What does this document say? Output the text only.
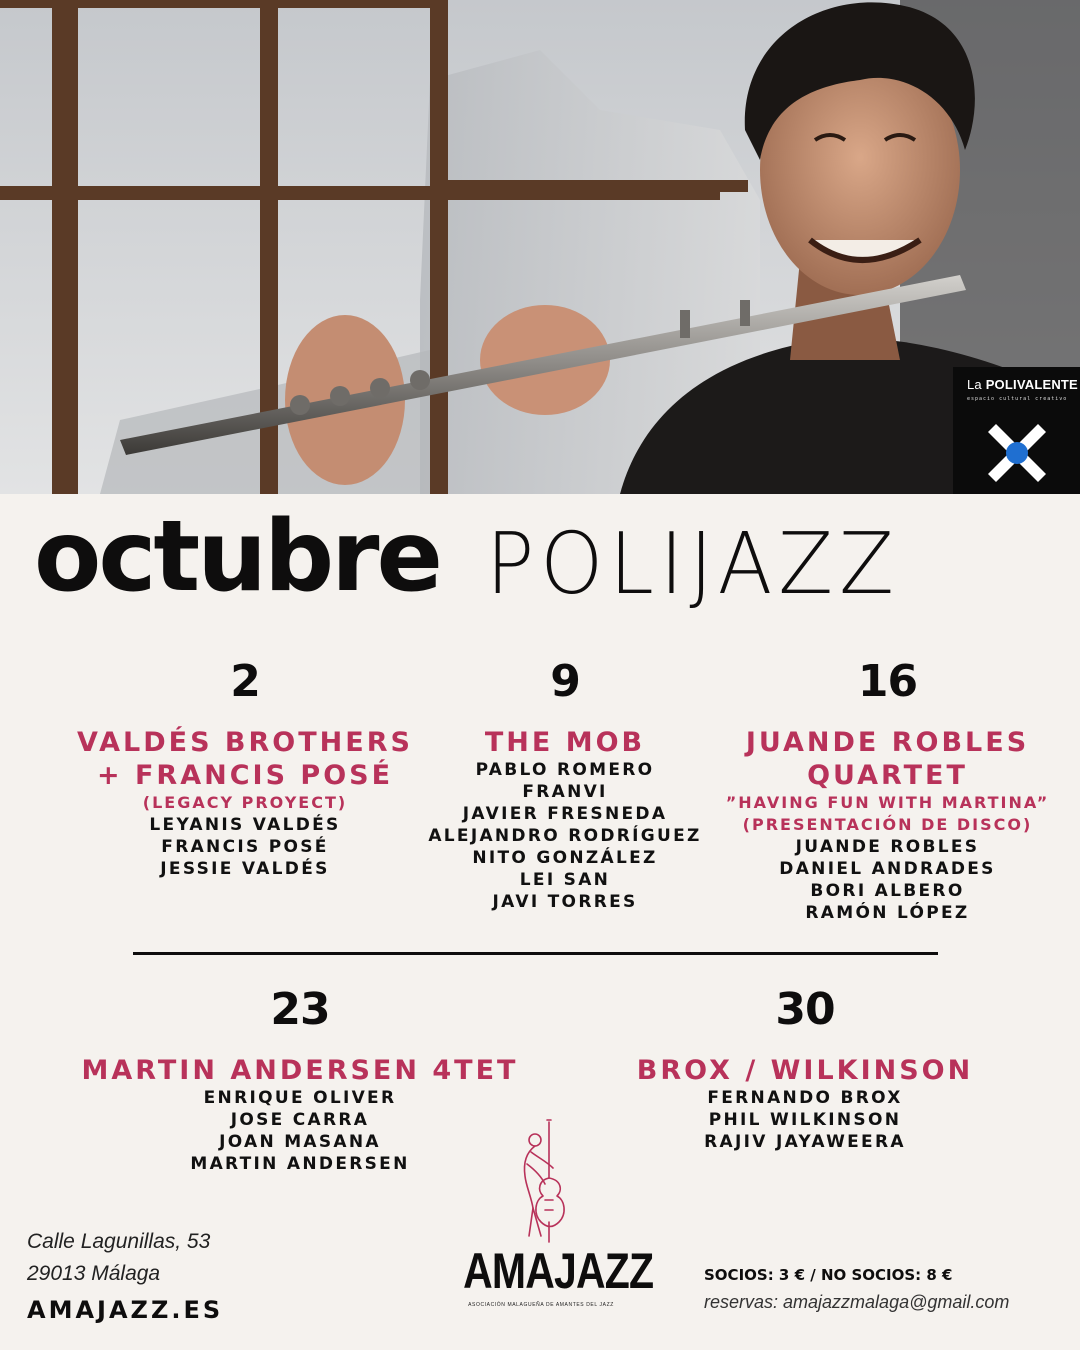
La POLIVALENTE
espacio cultural creativo
octubre POLIJAZZ
2
VALDÉS BROTHERS
+ FRANCIS POSÉ
(LEGACY PROYECT)
LEYANIS VALDÉS
FRANCIS POSÉ
JESSIE VALDÉS
9
THE MOB
PABLO ROMERO
FRANVI
JAVIER FRESNEDA
ALEJANDRO RODRÍGUEZ
NITO GONZÁLEZ
LEI SAN
JAVI TORRES
16
JUANDE ROBLES
QUARTET
”HAVING FUN WITH MARTINA”
(PRESENTACIÓN DE DISCO)
JUANDE ROBLES
DANIEL ANDRADES
BORI ALBERO
RAMÓN LÓPEZ
23
MARTIN ANDERSEN 4TET
ENRIQUE OLIVER
JOSE CARRA
JOAN MASANA
MARTIN ANDERSEN
30
BROX / WILKINSON
FERNANDO BROX
PHIL WILKINSON
RAJIV JAYAWEERA
Calle Lagunillas, 53
29013 Málaga
AMAJAZZ.ES
AMAJAZZ
ASOCIACIÓN MALAGUEÑA DE AMANTES DEL JAZZ
SOCIOS: 3 € / NO SOCIOS: 8 €
reservas: amajazzmalaga@gmail.com
